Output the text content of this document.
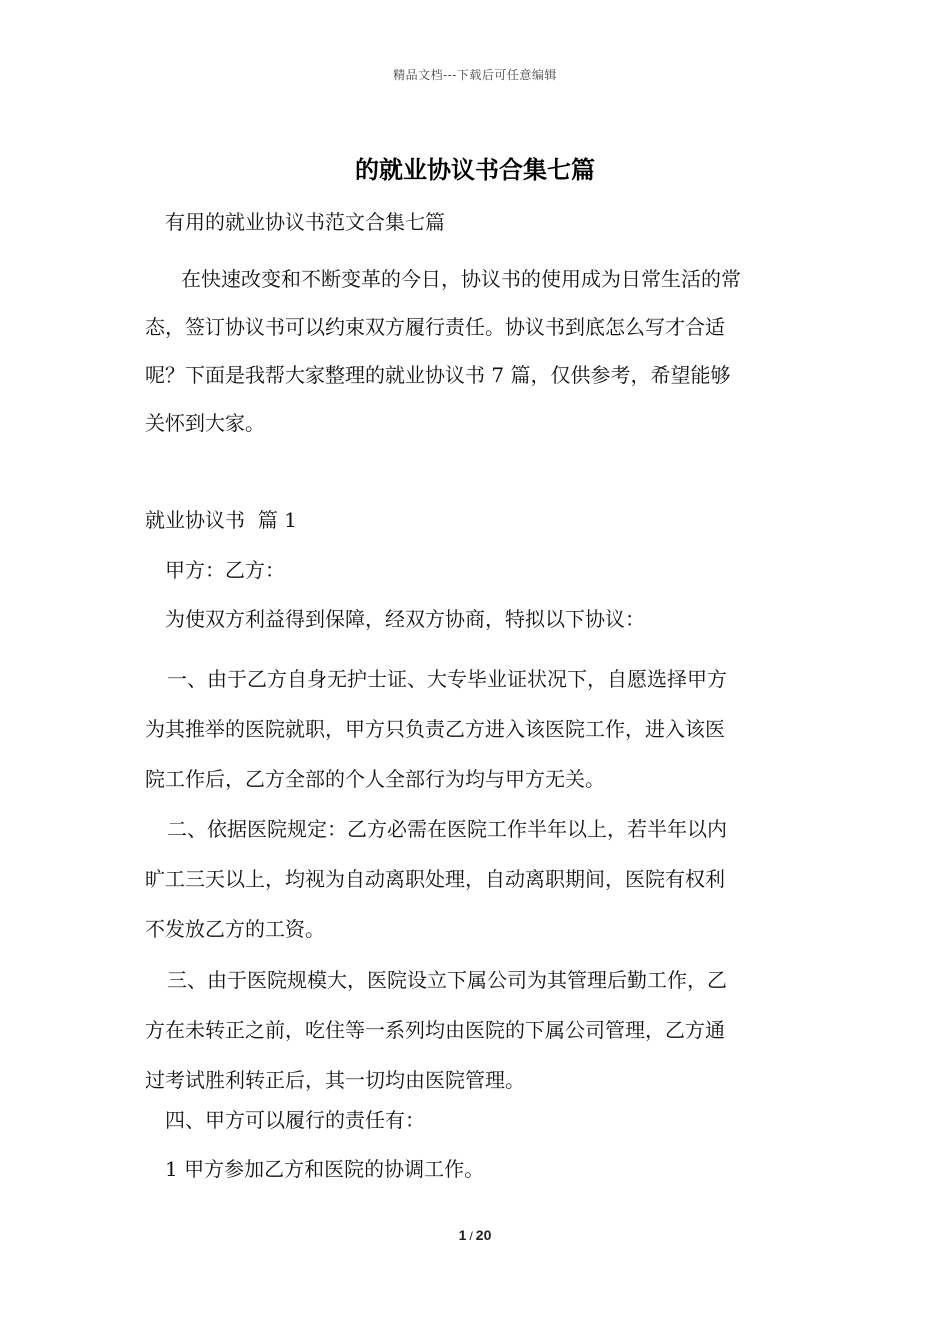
精品文档---下载后可任意编辑
的就业协议书合集七篇

有用的就业协议书范文合集七篇

在快速改变和不断变革的今日，协议书的使用成为日常生活的常

态，签订协议书可以约束双方履行责任。协议书到底怎么写才合适

呢？下面是我帮大家整理的就业协议书 7 篇，仅供参考，希望能够

关怀到大家。

就业协议书  篇 1

甲方：乙方：

为使双方利益得到保障，经双方协商，特拟以下协议：

一、由于乙方自身无护士证、大专毕业证状况下，自愿选择甲方

为其推举的医院就职，甲方只负责乙方进入该医院工作，进入该医

院工作后，乙方全部的个人全部行为均与甲方无关。

二、依据医院规定：乙方必需在医院工作半年以上，若半年以内

旷工三天以上，均视为自动离职处理，自动离职期间，医院有权利

不发放乙方的工资。

三、由于医院规模大，医院设立下属公司为其管理后勤工作，乙

方在未转正之前，吃住等一系列均由医院的下属公司管理，乙方通

过考试胜利转正后，其一切均由医院管理。

四、甲方可以履行的责任有：

1 甲方参加乙方和医院的协调工作。

1 / 20
